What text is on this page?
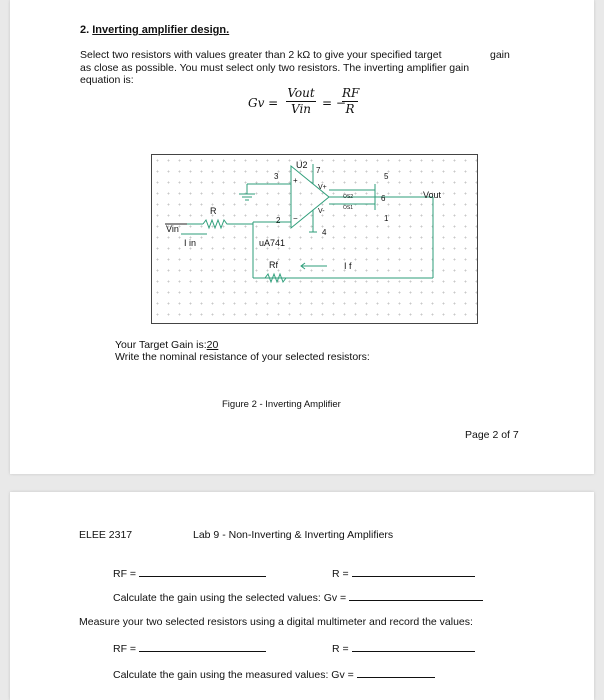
2. Inverting amplifier design.
Select two resistors with values greater than 2 kΩ to give your specified target	gain
as close as possible. You must select only two resistors. The inverting amplifier gain
equation is:
Gv =
Vout
Vin = −
$\frac{RF}{R}$
Vin
I in
R
U2
uA741
Rf
Vout
I f
V+
V-
3
2
7
4
5
6
1
OS2
OS1
+
−
Your Target Gain is:20
Write the nominal resistance of your selected resistors:
Figure 2 - Inverting Amplifier
Page 2 of 7
ELEE 2317	Lab 9 - Non-Inverting & Inverting Amplifiers
RF =	R =
Calculate the gain using the selected values: Gv =
Measure your two selected resistors using a digital multimeter and record the values:
RF =	R =
Calculate the gain using the measured values: Gv =
